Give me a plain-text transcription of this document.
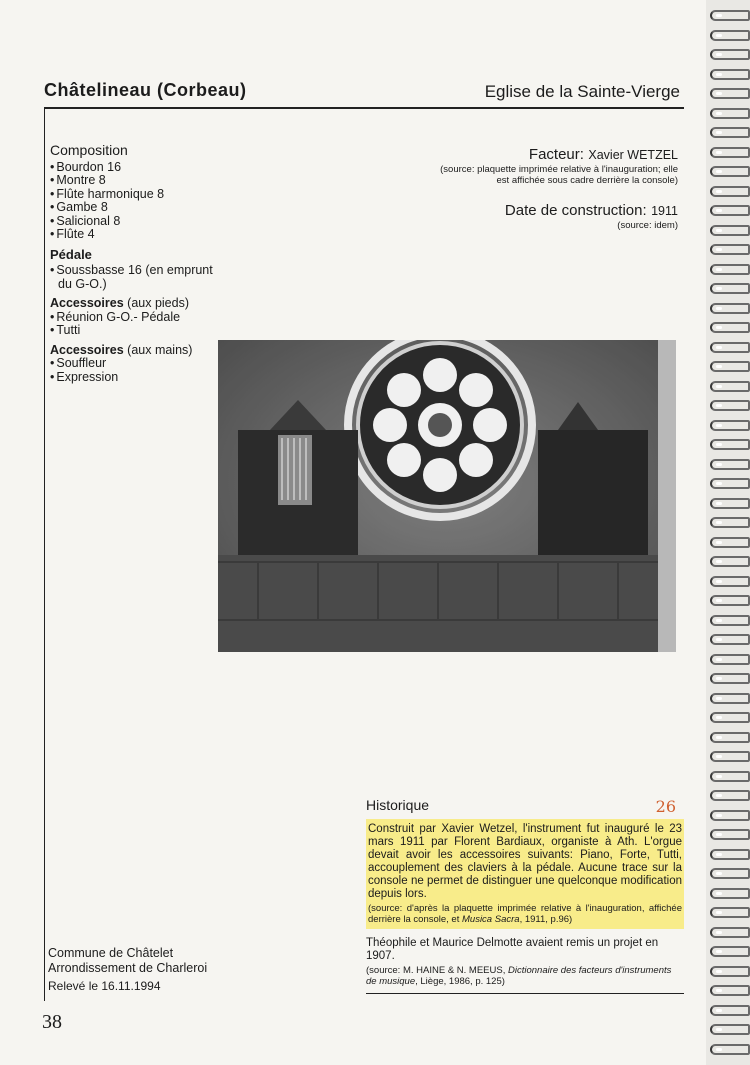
Châtelineau (Corbeau)	Eglise de la Sainte-Vierge
Composition
• Bourdon 16
• Montre 8
• Flûte harmonique 8
• Gambe 8
• Salicional 8
• Flûte 4
Pédale
• Soussbasse 16 (en emprunt du G-O.)
Accessoires (aux pieds)
• Réunion G-O.- Pédale
• Tutti
Accessoires (aux mains)
• Souffleur
• Expression
Facteur: Xavier WETZEL
(source: plaquette imprimée relative à l'inauguration; elle est affichée sous cadre derrière la console)
Date de construction: 1911
(source: idem)
Historique	26
Construit par Xavier Wetzel, l'instrument fut inauguré le 23 mars 1911 par Florent Bardiaux, organiste à Ath. L'orgue devait avoir les accessoires suivants: Piano, Forte, Tutti, accouplement des claviers à la pédale. Aucune trace sur la console ne permet de distinguer une quelconque modification depuis lors.
(source: d'après la plaquette imprimée relative à l'inauguration, affichée derrière la console, et Musica Sacra, 1911, p.96)
Théophile et Maurice Delmotte avaient remis un projet en 1907.
(source: M. HAINE & N. MEEUS, Dictionnaire des facteurs d'instruments de musique, Liège, 1986, p. 125)
Commune de Châtelet
Arrondissement de Charleroi
Relevé le 16.11.1994
38
